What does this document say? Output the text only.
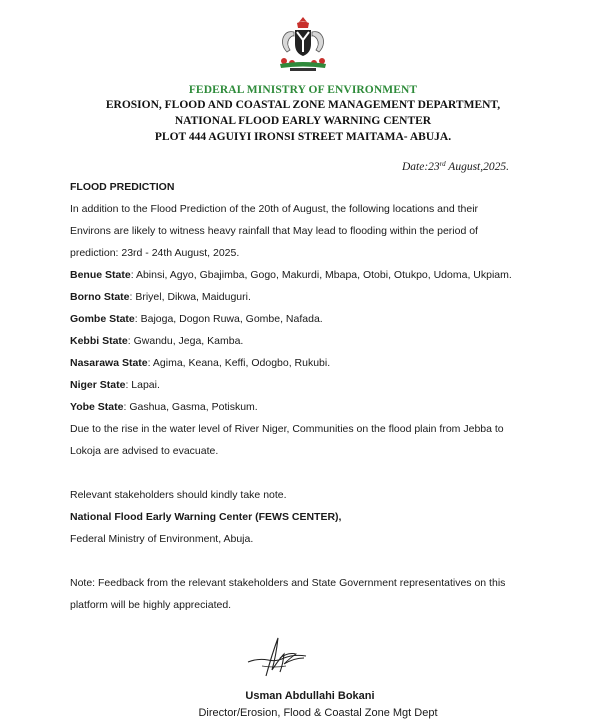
FEDERAL MINISTRY OF ENVIRONMENT
EROSION, FLOOD AND COASTAL ZONE MANAGEMENT DEPARTMENT,
NATIONAL FLOOD EARLY WARNING CENTER
PLOT 444 AGUIYI IRONSI STREET MAITAMA- ABUJA.
Date:23rd August,2025.
FLOOD PREDICTION
In addition to the Flood Prediction of the 20th of August, the following locations and their
Environs are likely to witness heavy rainfall that May lead to flooding within the period of
prediction: 23rd - 24th August, 2025.
Benue State: Abinsi, Agyo, Gbajimba, Gogo, Makurdi, Mbapa, Otobi, Otukpo, Udoma, Ukpiam.
Borno State: Briyel, Dikwa, Maiduguri.
Gombe State: Bajoga, Dogon Ruwa, Gombe, Nafada.
Kebbi State: Gwandu, Jega, Kamba.
Nasarawa State: Agima, Keana, Keffi, Odogbo, Rukubi.
Niger State: Lapai.
Yobe State: Gashua, Gasma, Potiskum.
Due to the rise in the water level of River Niger, Communities on the flood plain from Jebba to
Lokoja are advised to evacuate.
Relevant stakeholders should kindly take note.
National Flood Early Warning Center (FEWS CENTER),
Federal Ministry of Environment, Abuja.
Note: Feedback from the relevant stakeholders and State Government representatives on this
platform will be highly appreciated.
Usman Abdullahi Bokani
Director/Erosion, Flood & Coastal Zone Mgt Dept
